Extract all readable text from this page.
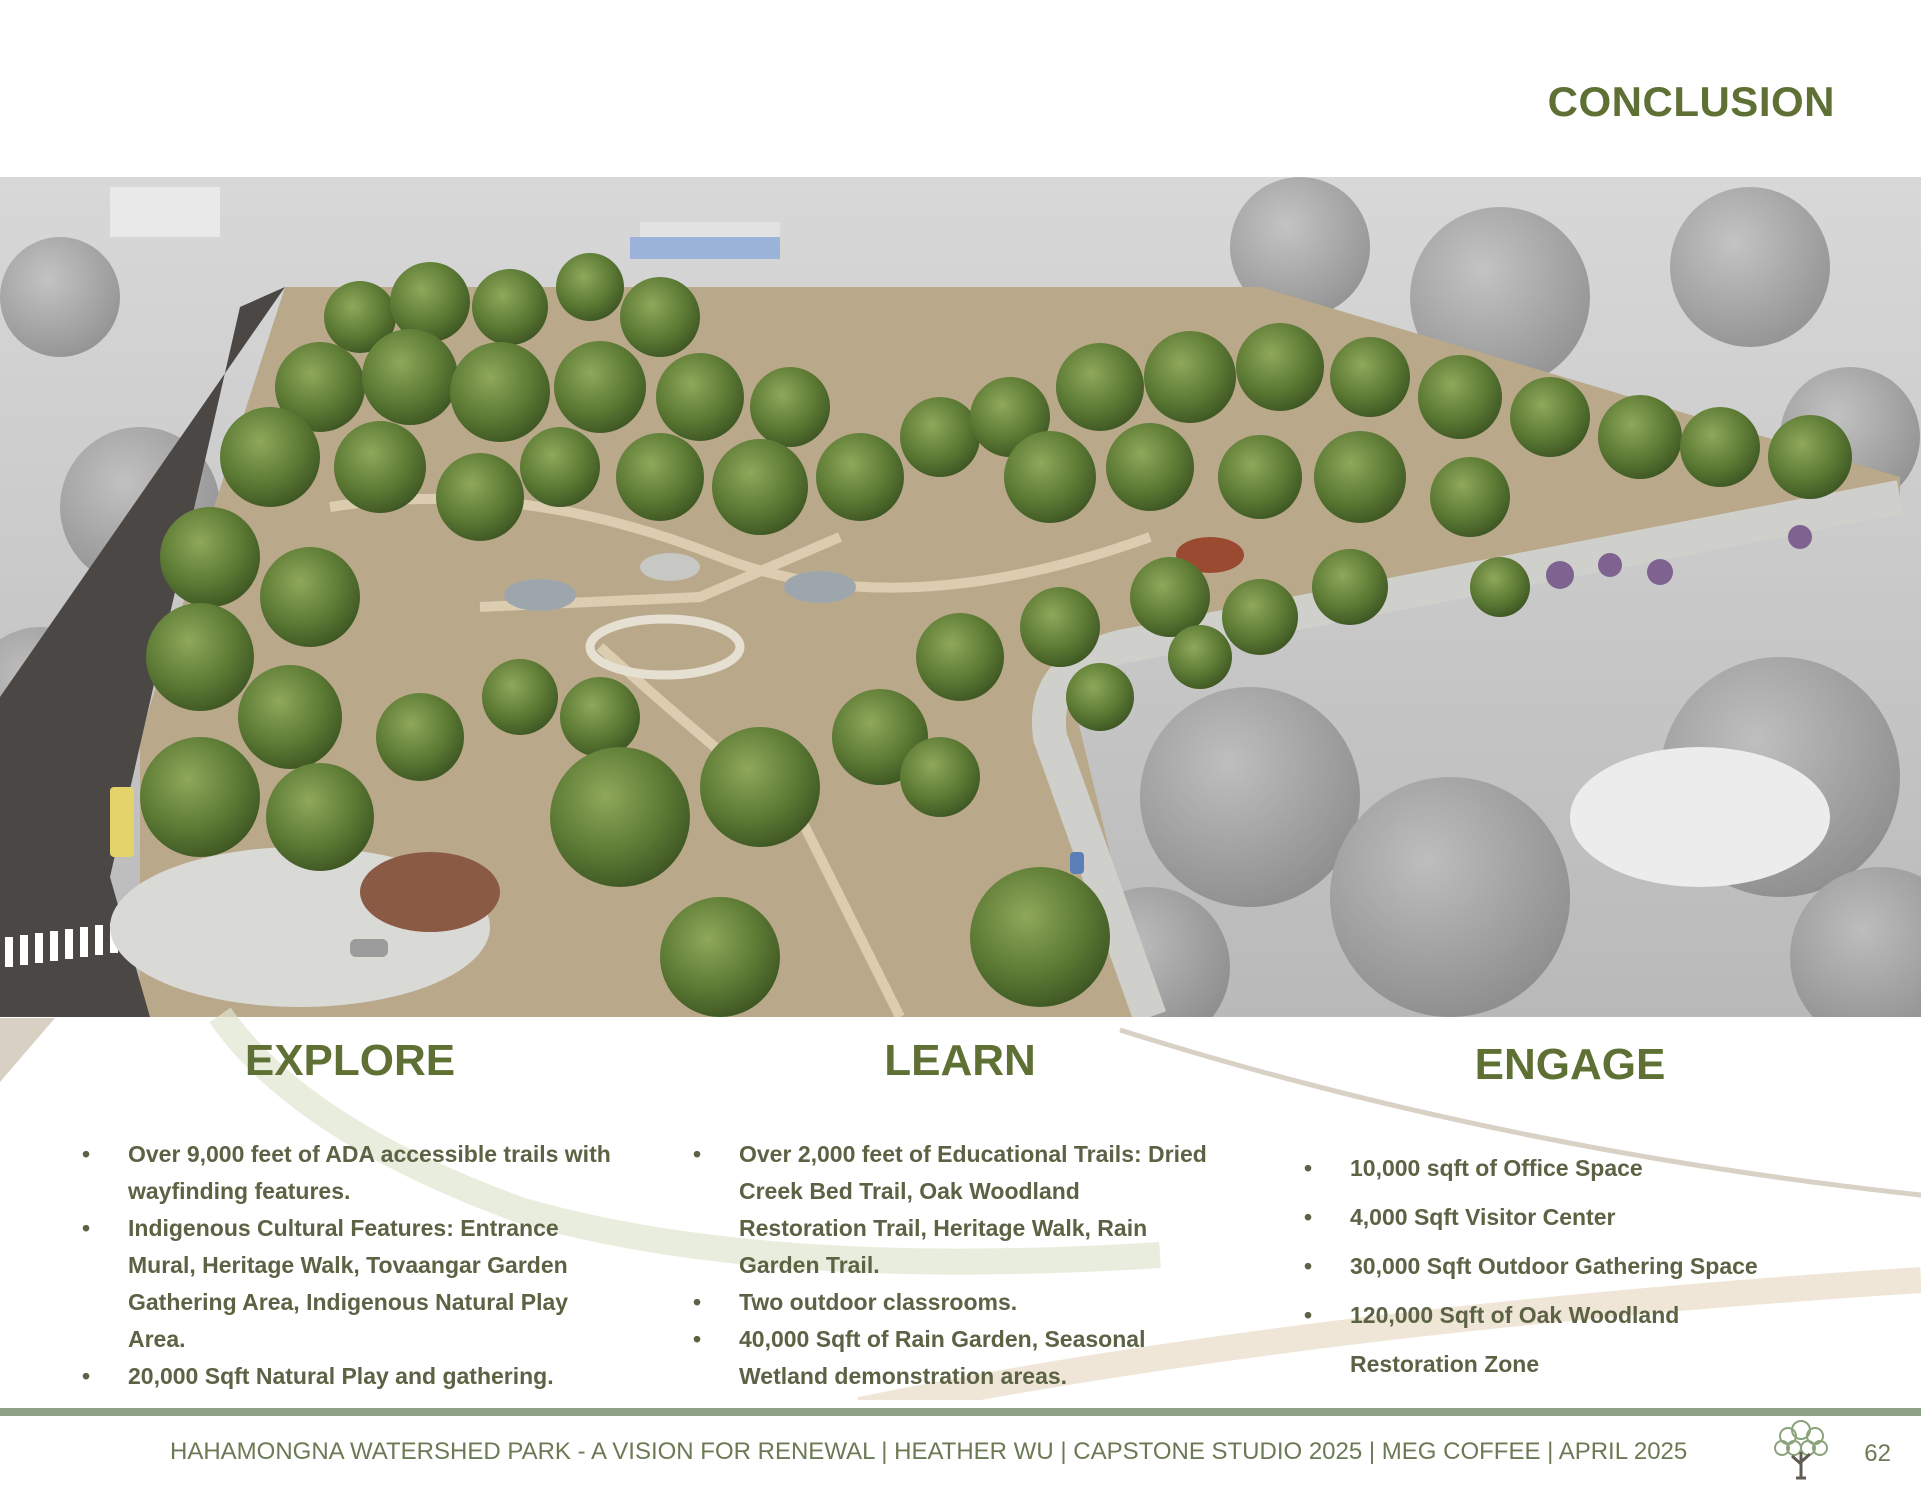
CONCLUSION
EXPLORE
• Over 9,000 feet of ADA accessible trails with wayfinding features.
• Indigenous Cultural Features: Entrance Mural, Heritage Walk, Tovaangar Garden Gathering Area, Indigenous Natural Play Area.
• 20,000 Sqft Natural Play and gathering.
LEARN
• Over 2,000 feet of Educational Trails: Dried Creek Bed Trail, Oak Woodland Restoration Trail, Heritage Walk, Rain Garden Trail.
• Two outdoor classrooms.
• 40,000 Sqft of Rain Garden, Seasonal Wetland demonstration areas.
ENGAGE
• 10,000 sqft of Office Space
• 4,000 Sqft Visitor Center
• 30,000 Sqft Outdoor Gathering Space
• 120,000 Sqft of Oak Woodland Restoration Zone
HAHAMONGNA WATERSHED PARK - A VISION FOR RENEWAL | HEATHER WU | CAPSTONE STUDIO 2025 | MEG COFFEE | APRIL 2025	62
